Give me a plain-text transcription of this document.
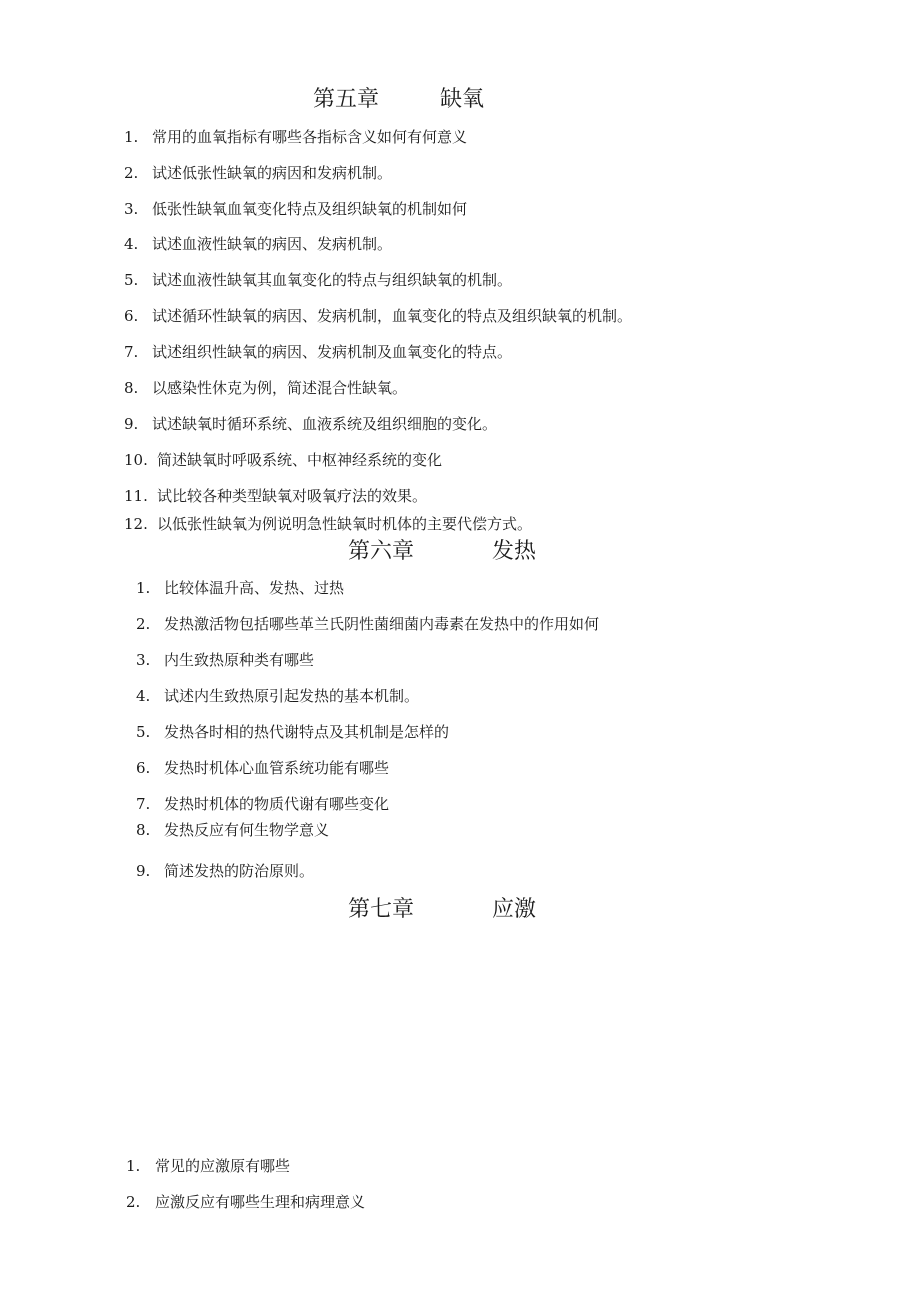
第五章	缺氧
1. 常用的血氧指标有哪些各指标含义如何有何意义
2. 试述低张性缺氧的病因和发病机制。
3. 低张性缺氧血氧变化特点及组织缺氧的机制如何
4. 试述血液性缺氧的病因、发病机制。
5. 试述血液性缺氧其血氧变化的特点与组织缺氧的机制。
6. 试述循环性缺氧的病因、发病机制，血氧变化的特点及组织缺氧的机制。
7. 试述组织性缺氧的病因、发病机制及血氧变化的特点。
8. 以感染性休克为例，简述混合性缺氧。
9. 试述缺氧时循环系统、血液系统及组织细胞的变化。
10. 简述缺氧时呼吸系统、中枢神经系统的变化
11. 试比较各种类型缺氧对吸氧疗法的效果。
12. 以低张性缺氧为例说明急性缺氧时机体的主要代偿方式。
第六章	发热
1. 比较体温升高、发热、过热
2. 发热激活物包括哪些革兰氏阴性菌细菌内毒素在发热中的作用如何
3. 内生致热原种类有哪些
4. 试述内生致热原引起发热的基本机制。
5. 发热各时相的热代谢特点及其机制是怎样的
6. 发热时机体心血管系统功能有哪些
7. 发热时机体的物质代谢有哪些变化
8. 发热反应有何生物学意义
9. 简述发热的防治原则。
第七章	应激
1. 常见的应激原有哪些
2. 应激反应有哪些生理和病理意义
